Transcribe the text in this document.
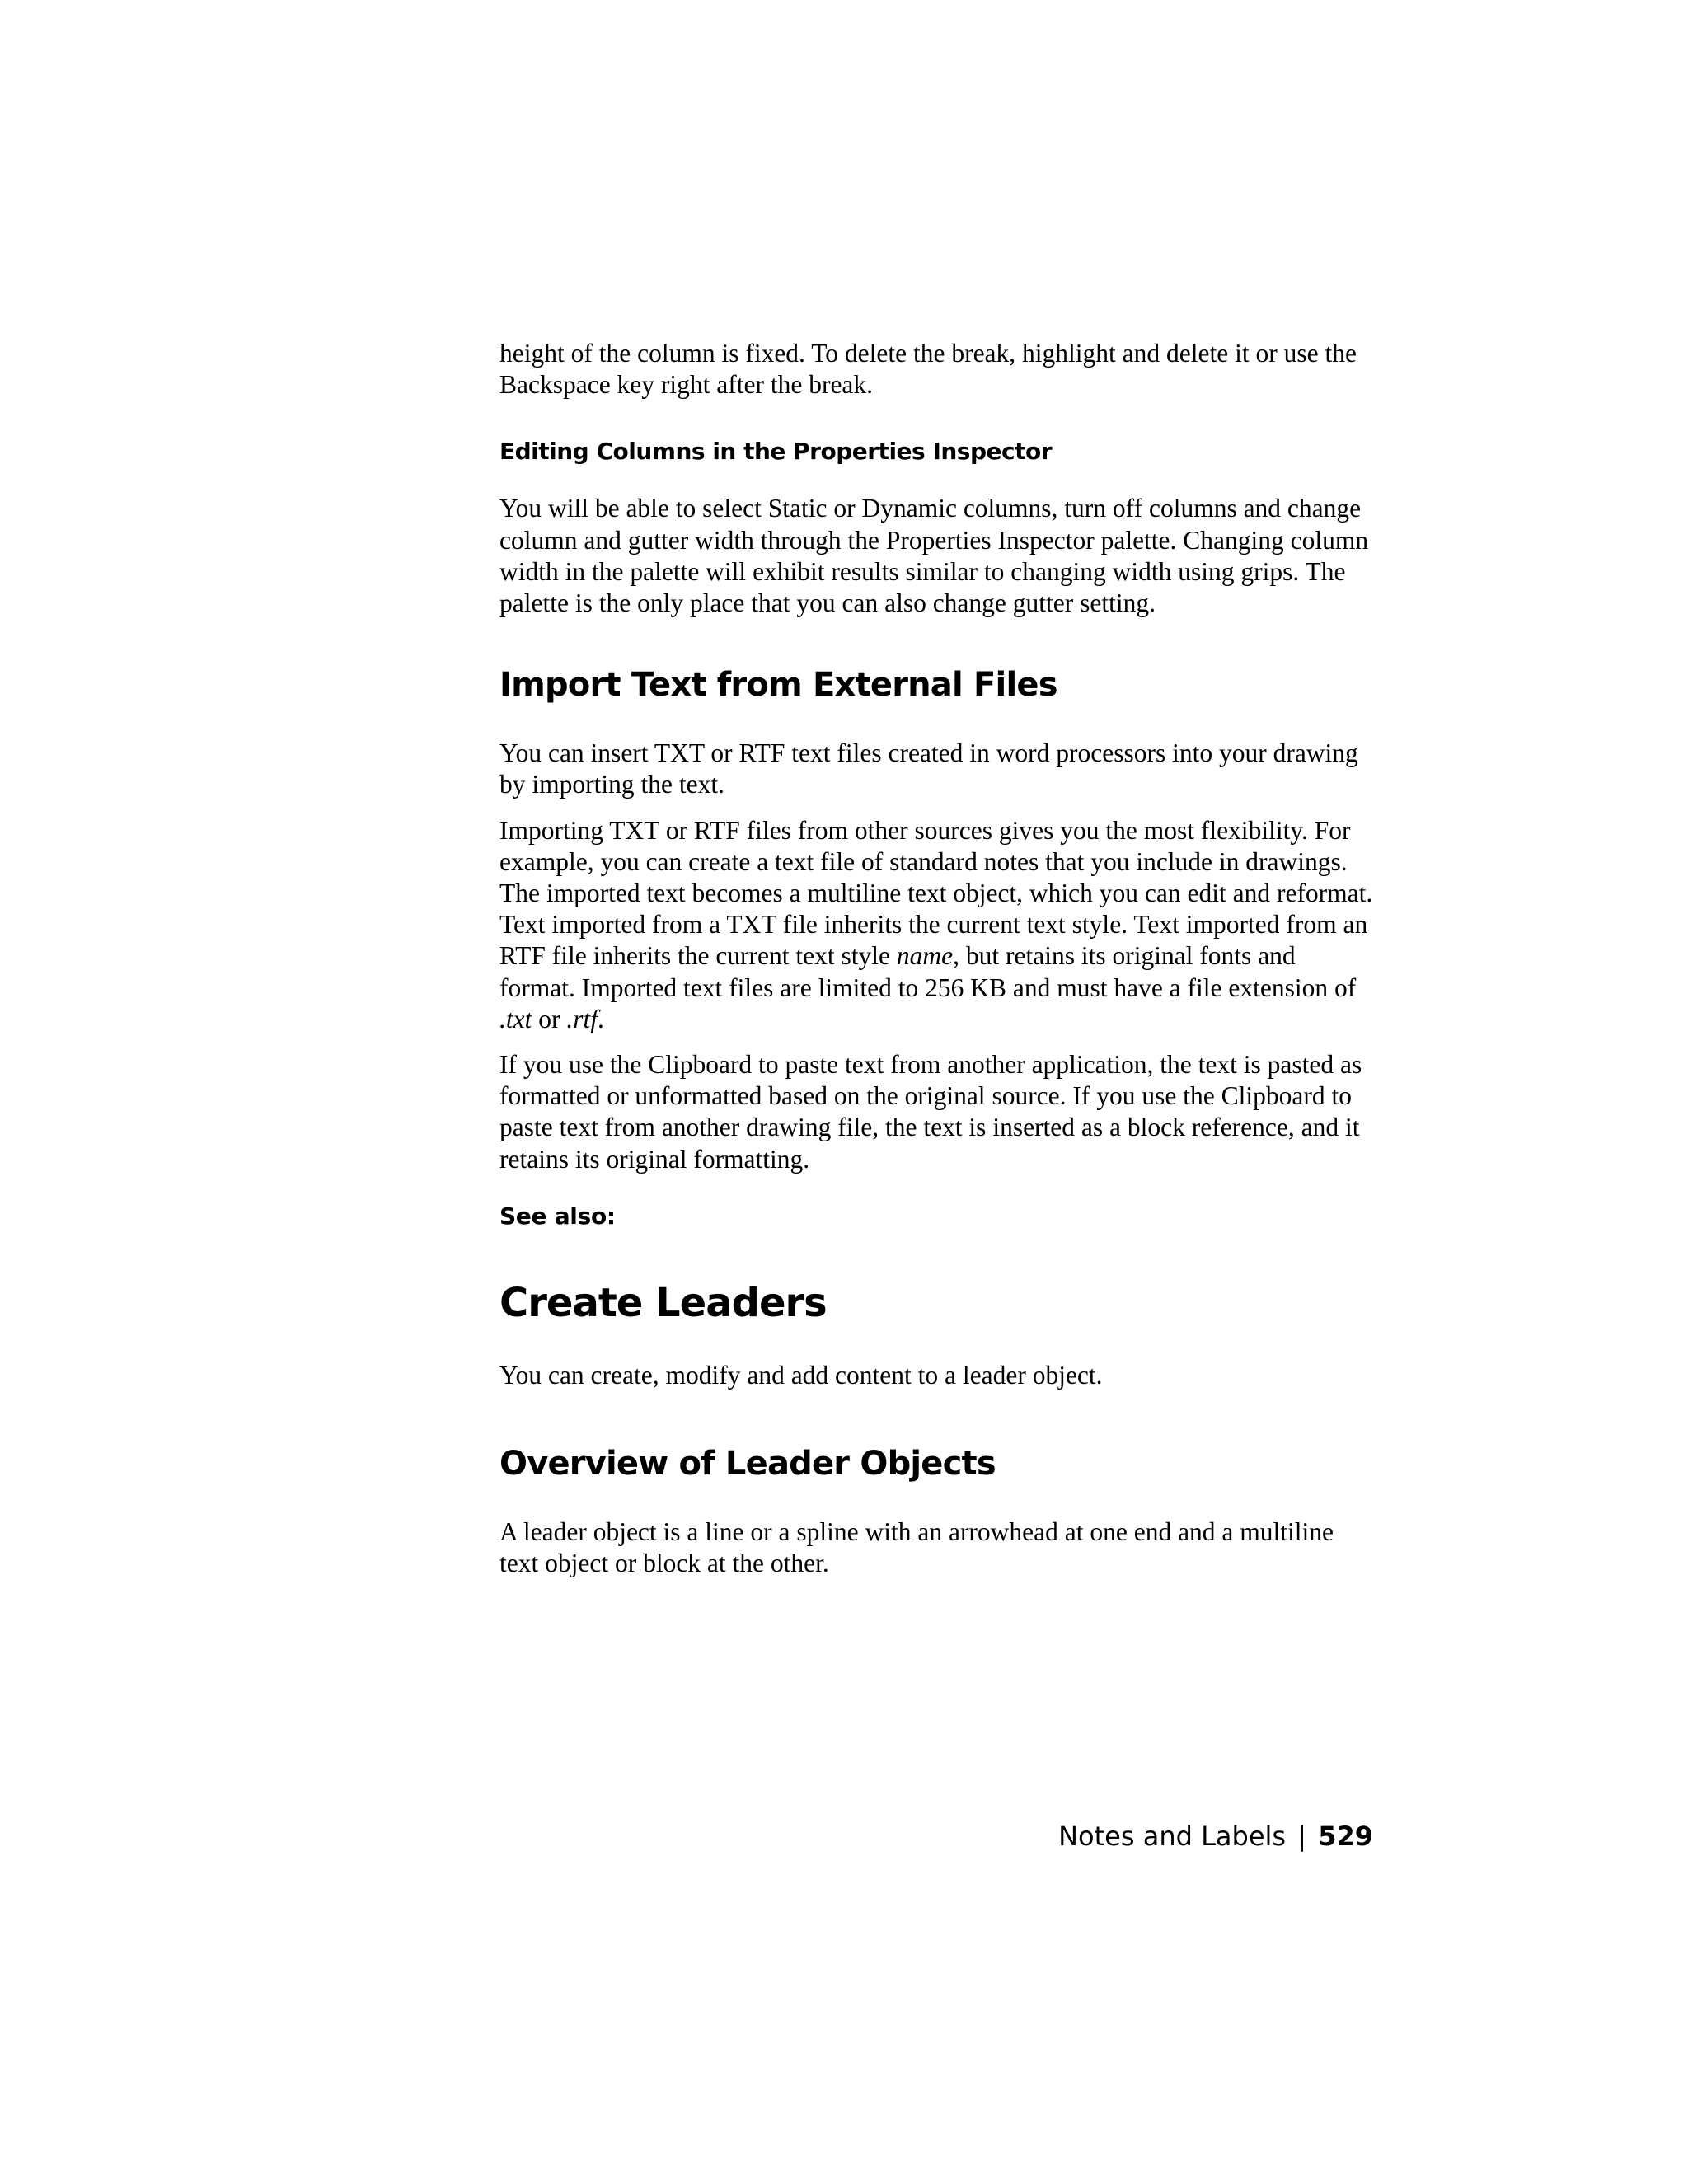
height of the column is fixed. To delete the break, highlight and delete it or use the Backspace key right after the break.

Editing Columns in the Properties Inspector

You will be able to select Static or Dynamic columns, turn off columns and change column and gutter width through the Properties Inspector palette. Changing column width in the palette will exhibit results similar to changing width using grips. The palette is the only place that you can also change gutter setting.

Import Text from External Files

You can insert TXT or RTF text files created in word processors into your drawing by importing the text.

Importing TXT or RTF files from other sources gives you the most flexibility. For example, you can create a text file of standard notes that you include in drawings. The imported text becomes a multiline text object, which you can edit and reformat. Text imported from a TXT file inherits the current text style. Text imported from an RTF file inherits the current text style name, but retains its original fonts and format. Imported text files are limited to 256 KB and must have a file extension of .txt or .rtf.

If you use the Clipboard to paste text from another application, the text is pasted as formatted or unformatted based on the original source. If you use the Clipboard to paste text from another drawing file, the text is inserted as a block reference, and it retains its original formatting.

See also:

Create Leaders

You can create, modify and add content to a leader object.

Overview of Leader Objects

A leader object is a line or a spline with an arrowhead at one end and a multiline text object or block at the other.

Notes and Labels | 529
